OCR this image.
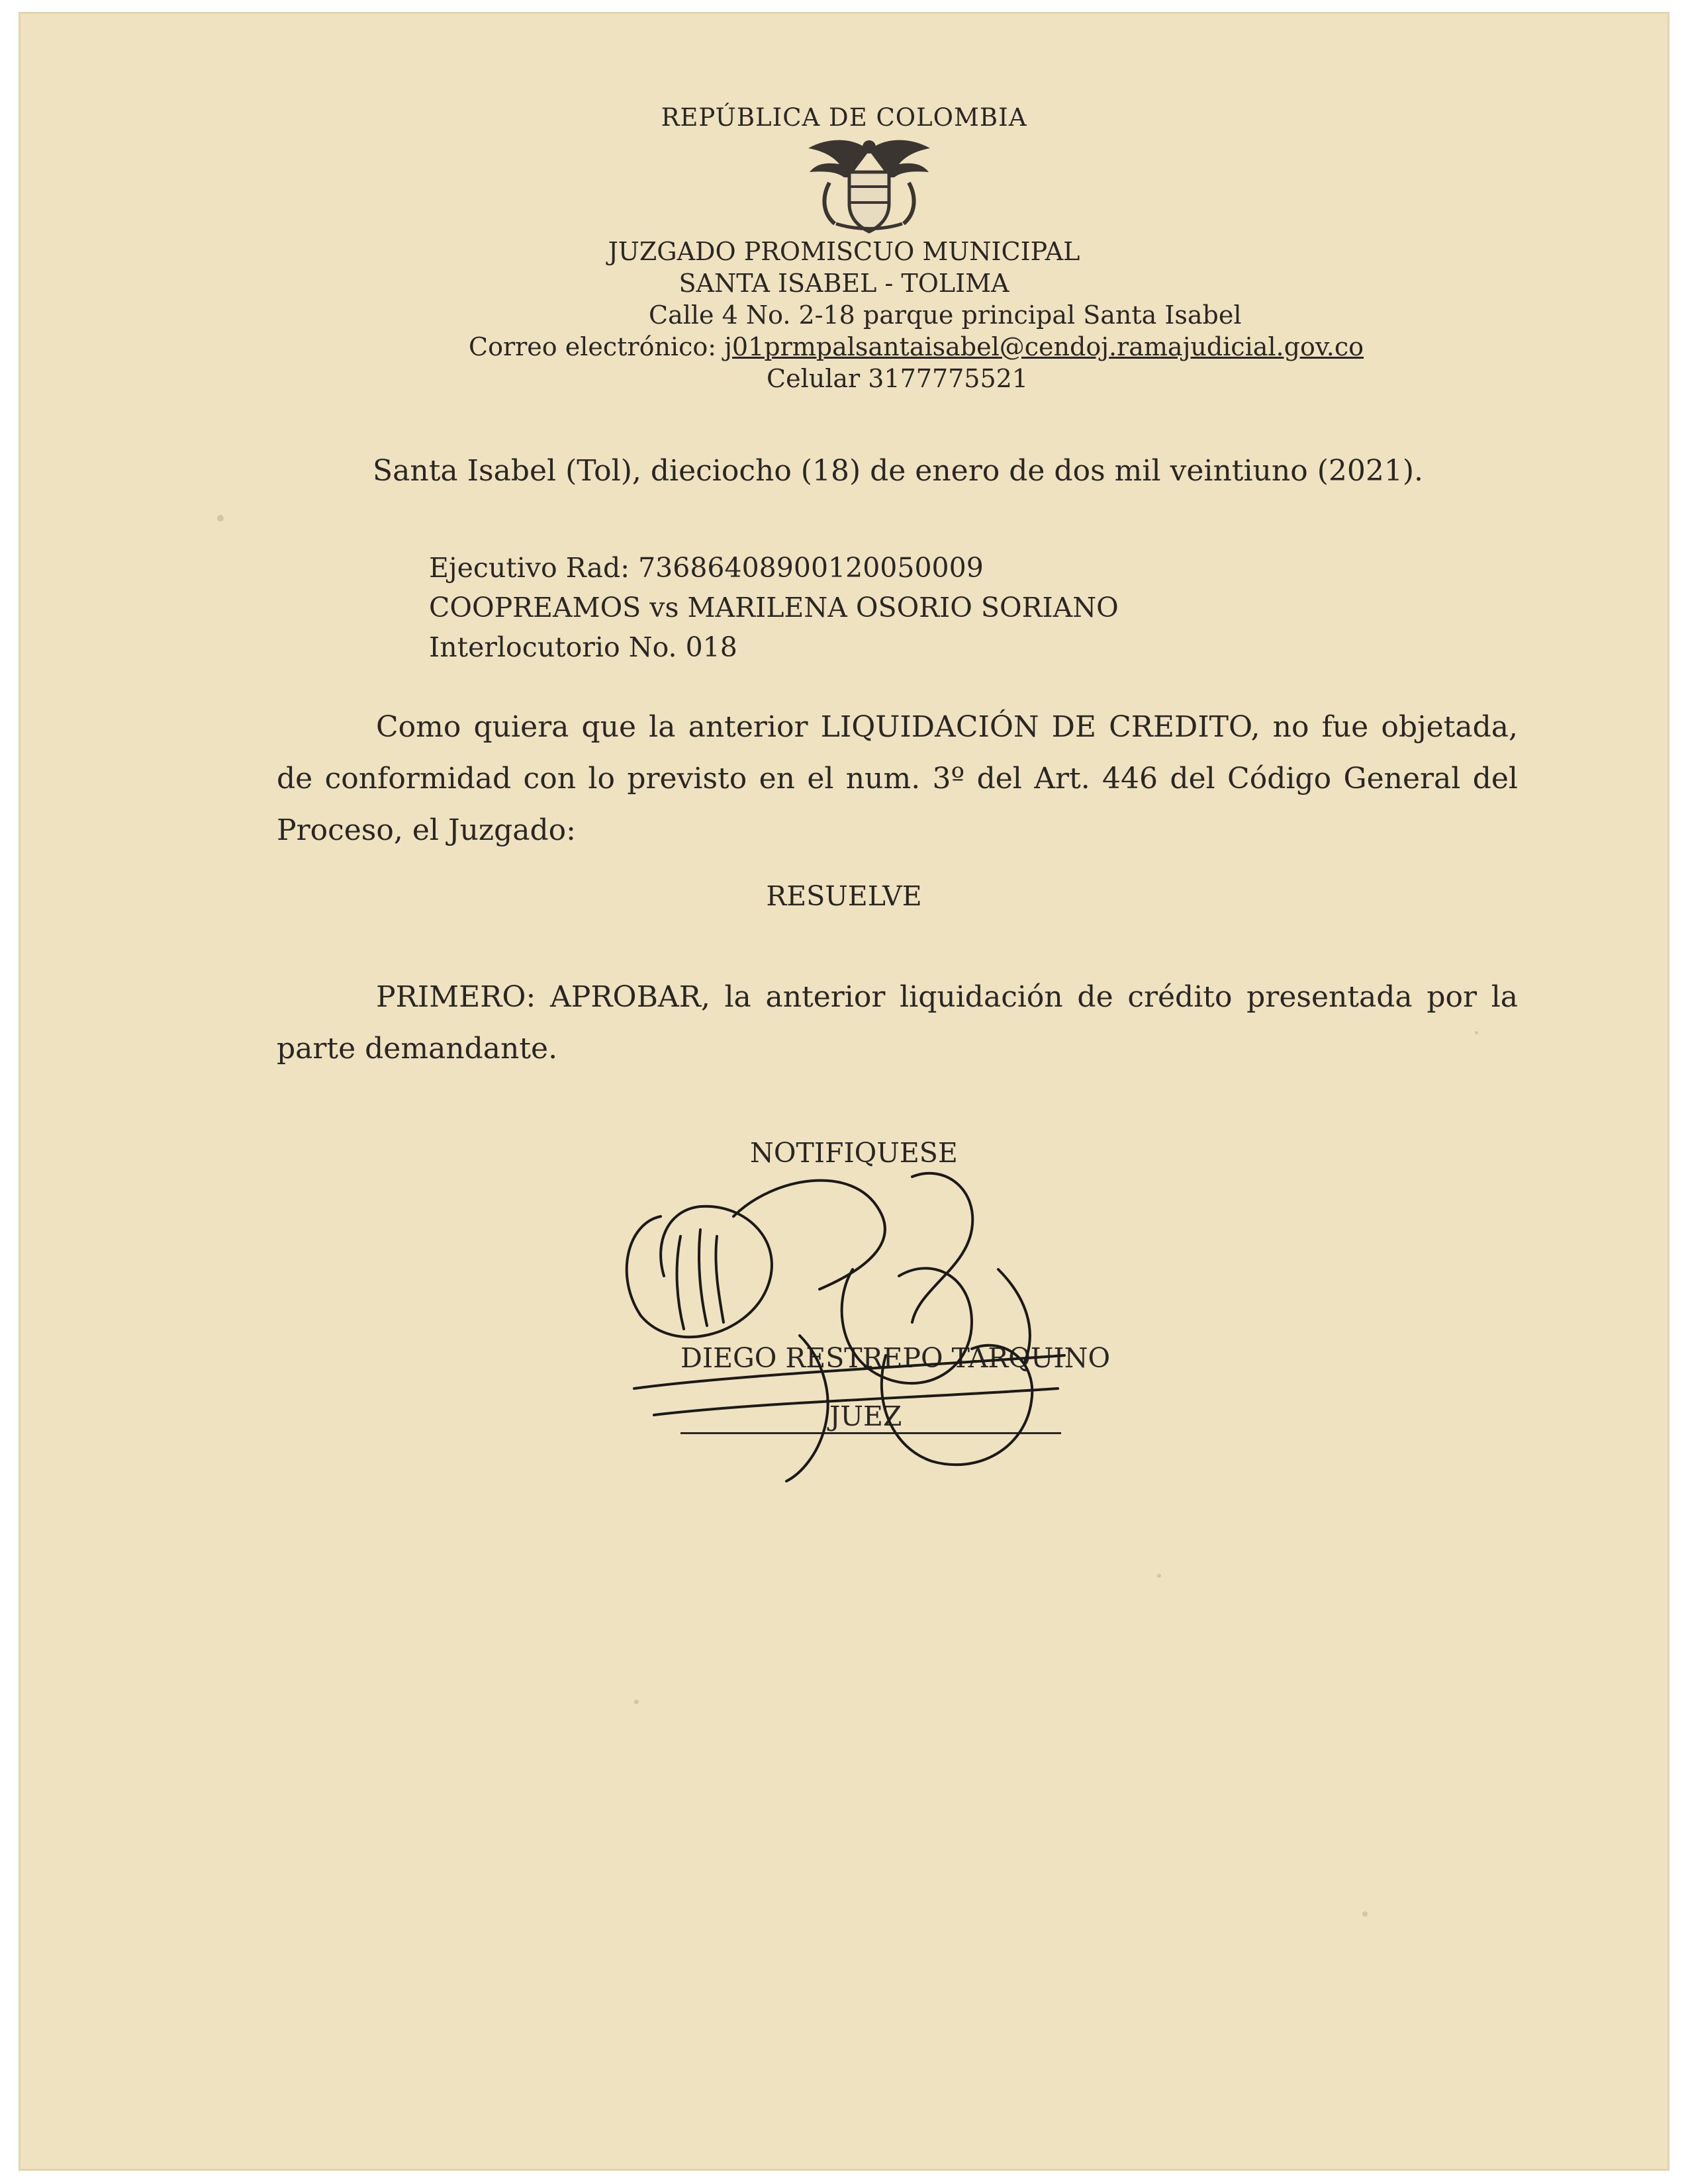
REPÚBLICA DE COLOMBIA
JUZGADO PROMISCUO MUNICIPAL
SANTA ISABEL - TOLIMA
Calle 4 No. 2-18 parque principal Santa Isabel
Correo electrónico: j01prmpalsantaisabel@cendoj.ramajudicial.gov.co
Celular 3177775521
Santa Isabel (Tol), dieciocho (18) de enero de dos mil veintiuno (2021).
Ejecutivo Rad: 73686408900120050009
COOPREAMOS vs MARILENA OSORIO SORIANO
Interlocutorio No. 018
Como quiera que la anterior LIQUIDACIÓN DE CREDITO, no fue objetada, de conformidad con lo previsto en el num. 3º del Art. 446 del Código General del Proceso, el Juzgado:
RESUELVE
PRIMERO: APROBAR, la anterior liquidación de crédito presentada por la parte demandante.
NOTIFIQUESE
DIEGO RESTREPO TARQUINO
JUEZ
